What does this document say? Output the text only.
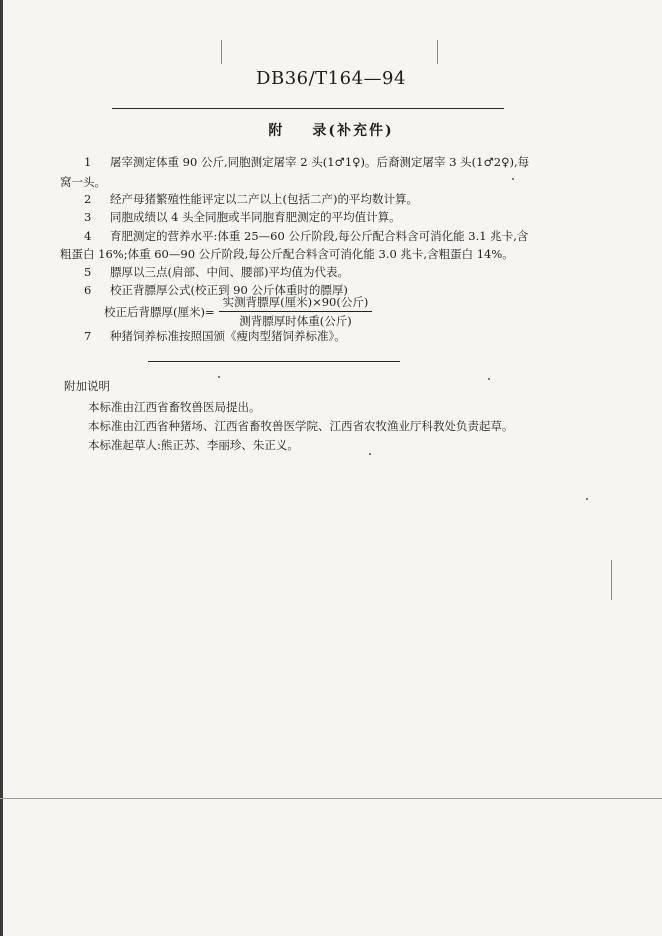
DB36/T164—94
附 录(补充件)
1 屠宰测定体重 90 公斤,同胞测定屠宰 2 头(1♂1♀)。后裔测定屠宰 3 头(1♂2♀),每
窝一头。
2 经产母猪繁殖性能评定以二产以上(包括二产)的平均数计算。
3 同胞成绩以 4 头全同胞或半同胞育肥测定的平均值计算。
4 育肥测定的营养水平:体重 25—60 公斤阶段,每公斤配合料含可消化能 3.1 兆卡,含
粗蛋白 16%;体重 60—90 公斤阶段,每公斤配合料含可消化能 3.0 兆卡,含粗蛋白 14%。
5 膘厚以三点(肩部、中间、腰部)平均值为代表。
6 校正背膘厚公式(校正到 90 公斤体重时的膘厚)
校正后背膘厚(厘米)= $\frac{\text{实测背膘厚(厘米)×90(公斤)}}{\text{测背膘厚时体重(公斤)}}$
7 种猪饲养标准按照国颁《瘦肉型猪饲养标准》。
附加说明
本标准由江西省畜牧兽医局提出。
本标准由江西省种猪场、江西省畜牧兽医学院、江西省农牧渔业厅科教处负责起草。
本标准起草人:熊正苏、李丽珍、朱正义。
